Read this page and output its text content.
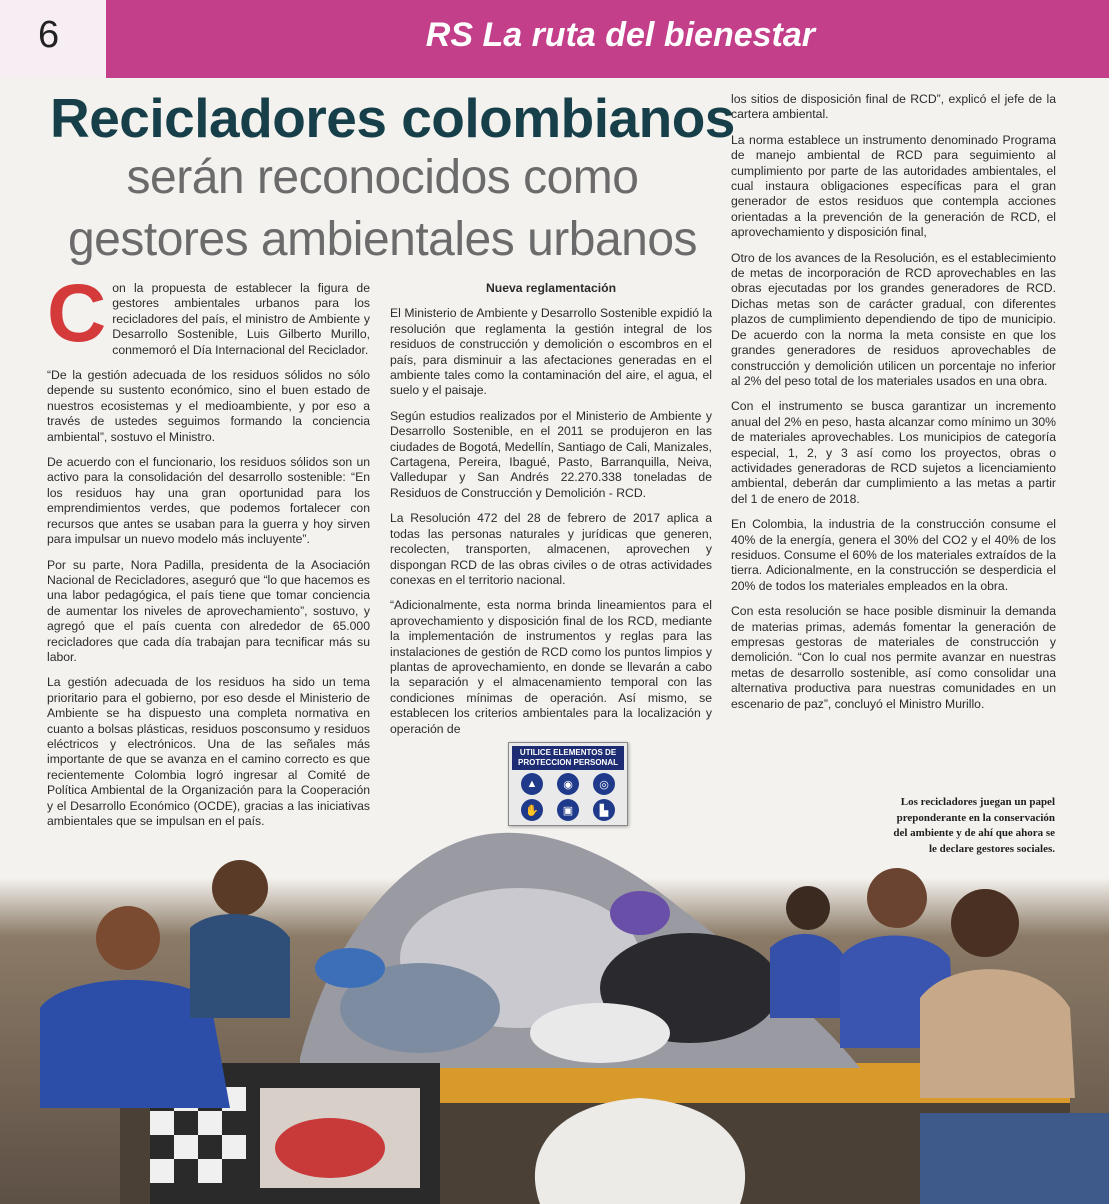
6	RS La ruta del bienestar
Recicladores colombianos
serán reconocidos como
gestores ambientales urbanos

Con la propuesta de establecer la figura de gestores ambientales urbanos para los recicladores del país, el ministro de Ambiente y Desarrollo Sostenible, Luis Gilberto Murillo, conmemoró el Día Internacional del Reciclador.

“De la gestión adecuada de los residuos sólidos no sólo depende su sustento económico, sino el buen estado de nuestros ecosistemas y el medioambiente, y por eso a través de ustedes seguimos formando la conciencia ambiental”, sostuvo el Ministro.

De acuerdo con el funcionario, los residuos sólidos son un activo para la consolidación del desarrollo sostenible: “En los residuos hay una gran oportunidad para los emprendimientos verdes, que podemos fortalecer con recursos que antes se usaban para la guerra y hoy sirven para impulsar un nuevo modelo más incluyente”.

Por su parte, Nora Padilla, presidenta de la Asociación Nacional de Recicladores, aseguró que “lo que hacemos es una labor pedagógica, el país tiene que tomar conciencia de aumentar los niveles de aprovechamiento”, sostuvo, y agregó que el país cuenta con alrededor de 65.000 recicladores que cada día trabajan para tecnificar más su labor.

La gestión adecuada de los residuos ha sido un tema prioritario para el gobierno, por eso desde el Ministerio de Ambiente se ha dispuesto una completa normativa en cuanto a bolsas plásticas, residuos posconsumo y residuos eléctricos y electrónicos. Una de las señales más importante de que se avanza en el camino correcto es que recientemente Colombia logró ingresar al Comité de Política Ambiental de la Organización para la Cooperación y el Desarrollo Económico (OCDE), gracias a las iniciativas ambientales que se impulsan en el país.

Nueva reglamentación

El Ministerio de Ambiente y Desarrollo Sostenible expidió la resolución que reglamenta la gestión integral de los residuos de construcción y demolición o escombros en el país, para disminuir a las afectaciones generadas en el ambiente tales como la contaminación del aire, el agua, el suelo y el paisaje.

Según estudios realizados por el Ministerio de Ambiente y Desarrollo Sostenible, en el 2011 se produjeron en las ciudades de Bogotá, Medellín, Santiago de Cali, Manizales, Cartagena, Pereira, Ibagué, Pasto, Barranquilla, Neiva, Valledupar y San Andrés 22.270.338 toneladas de Residuos de Construcción y Demolición - RCD.

La Resolución 472 del 28 de febrero de 2017 aplica a todas las personas naturales y jurídicas que generen, recolecten, transporten, almacenen, aprovechen y dispongan RCD de las obras civiles o de otras actividades conexas en el territorio nacional.

“Adicionalmente, esta norma brinda lineamientos para el aprovechamiento y disposición final de los RCD, mediante la implementación de instrumentos y reglas para las instalaciones de gestión de RCD como los puntos limpios y plantas de aprovechamiento, en donde se llevarán a cabo la separación y el almacenamiento temporal con las condiciones mínimas de operación. Así mismo, se establecen los criterios ambientales para la localización y operación de

los sitios de disposición final de RCD”, explicó el jefe de la cartera ambiental.

La norma establece un instrumento denominado Programa de manejo ambiental de RCD para seguimiento al cumplimiento por parte de las autoridades ambientales, el cual instaura obligaciones específicas para el gran generador de estos residuos que contempla acciones orientadas a la prevención de la generación de RCD, el aprovechamiento y disposición final,

Otro de los avances de la Resolución, es el establecimiento de metas de incorporación de RCD aprovechables en las obras ejecutadas por los grandes generadores de RCD. Dichas metas son de carácter gradual, con diferentes plazos de cumplimiento dependiendo de tipo de municipio. De acuerdo con la norma la meta consiste en que los grandes generadores de residuos aprovechables de construcción y demolición utilicen un porcentaje no inferior al 2% del peso total de los materiales usados en una obra.

Con el instrumento se busca garantizar un incremento anual del 2% en peso, hasta alcanzar como mínimo un 30% de materiales aprovechables. Los municipios de categoría especial, 1, 2, y 3 así como los proyectos, obras o actividades generadoras de RCD sujetos a licenciamiento ambiental, deberán dar cumplimiento a las metas a partir del 1 de enero de 2018.

En Colombia, la industria de la construcción consume el 40% de la energía, genera el 30% del CO2 y el 40% de los residuos. Consume el 60% de los materiales extraídos de la tierra. Adicionalmente, en la construcción se desperdicia el 20% de todos los materiales empleados en la obra.

Con esta resolución se hace posible disminuir la demanda de materias primas, además fomentar la generación de empresas gestoras de materiales de construcción y demolición. “Con lo cual nos permite avanzar en nuestras metas de desarrollo sostenible, así como consolidar una alternativa productiva para nuestras comunidades en un escenario de paz”, concluyó el Ministro Murillo.

UTILICE ELEMENTOS DE PROTECCION PERSONAL
▲	◉	◎
✋	▣	▙
Los recicladores juegan un papel preponderante en la conservación del ambiente y de ahí que ahora se le declare gestores sociales.
